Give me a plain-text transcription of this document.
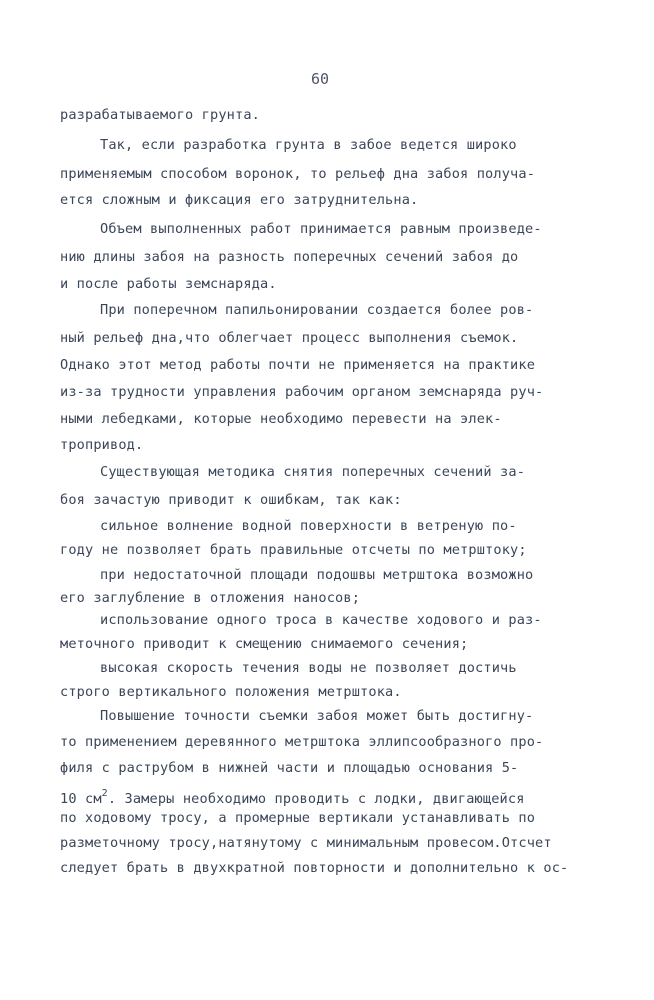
60
разрабатываемого грунта.
Так, если разработка грунта в забое ведется широко
применяемым способом воронок, то рельеф дна забоя получа-
ется сложным и фиксация его затруднительна.
Объем выполненных работ принимается равным произведе-
нию длины забоя на разность поперечных сечений забоя до
и после работы земснаряда.
При поперечном папильонировании создается более ров-
ный рельеф дна,что облегчает процесс выполнения съемок.
Однако этот метод работы почти не применяется на практике
из-за трудности управления рабочим органом земснаряда руч-
ными лебедками, которые необходимо перевести на элек-
тропривод.
Существующая методика снятия поперечных сечений за-
боя зачастую приводит к ошибкам, так как:
сильное волнение водной поверхности в ветреную по-
году не позволяет брать правильные отсчеты по метрштоку;
при недостаточной площади подошвы метрштока возможно
его заглубление в отложения наносов;
использование одного троса в качестве ходового и раз-
меточного приводит к смещению снимаемого сечения;
высокая скорость течения воды не позволяет достичь
строго вертикального положения метрштока.
Повышение точности съемки забоя может быть достигну-
то применением деревянного метрштока эллипсообразного про-
филя с раструбом в нижней части и площадью основания 5-
10 $см^2$. Замеры необходимо проводить с лодки, двигающейся
по ходовому тросу, а промерные вертикали устанавливать по
разметочному тросу,натянутому с минимальным провесом.Отсчет
следует брать в двухкратной повторности и дополнительно к ос-
